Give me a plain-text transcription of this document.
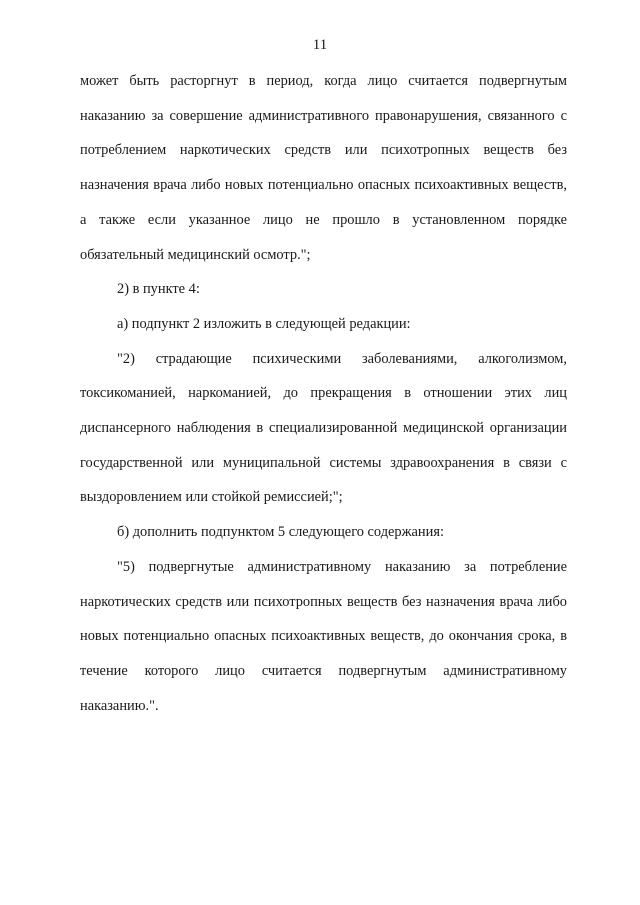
11

может быть расторгнут в период, когда лицо считается подвергнутым наказанию за совершение административного правонарушения, связанного с потреблением наркотических средств или психотропных веществ без назначения врача либо новых потенциально опасных психоактивных веществ, а также если указанное лицо не прошло в установленном порядке обязательный медицинский осмотр.";

2) в пункте 4:

а) подпункт 2 изложить в следующей редакции:

"2) страдающие психическими заболеваниями, алкоголизмом, токсикоманией, наркоманией, до прекращения в отношении этих лиц диспансерного наблюдения в специализированной медицинской организации государственной или муниципальной системы здравоохранения в связи с выздоровлением или стойкой ремиссией;";

б) дополнить подпунктом 5 следующего содержания:

"5) подвергнутые административному наказанию за потребление наркотических средств или психотропных веществ без назначения врача либо новых потенциально опасных психоактивных веществ, до окончания срока, в течение которого лицо считается подвергнутым административному наказанию.".
